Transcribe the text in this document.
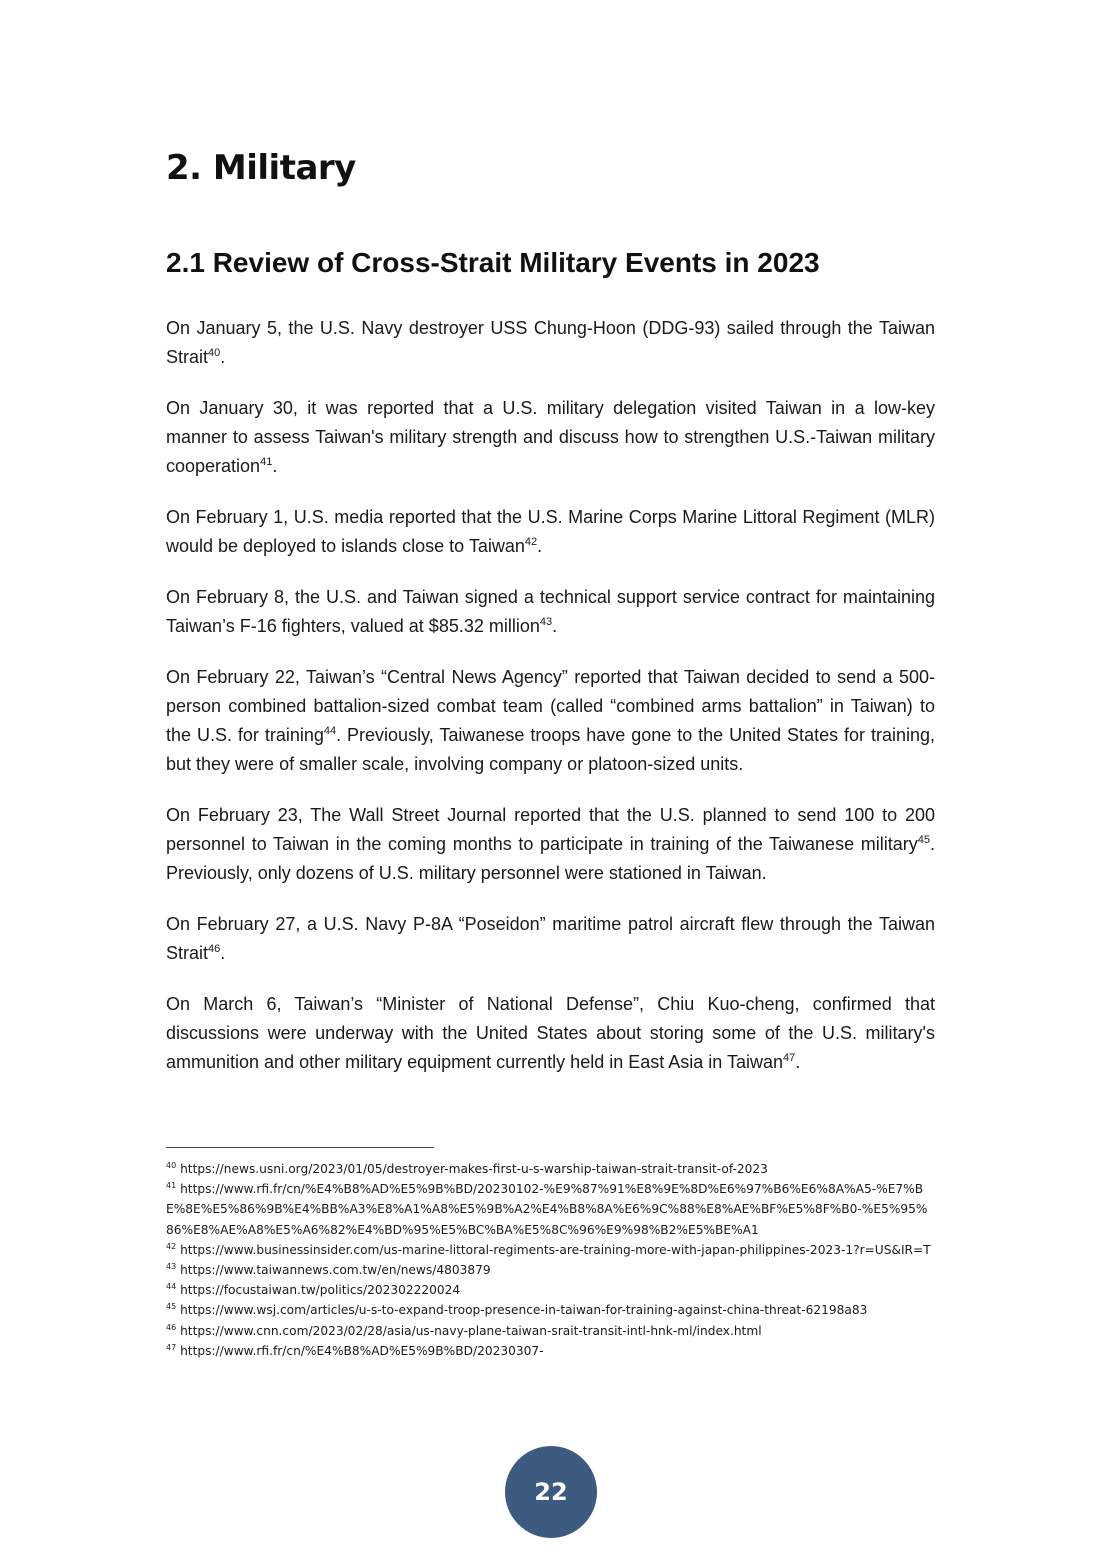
2. Military
2.1 Review of Cross-Strait Military Events in 2023

On January 5, the U.S. Navy destroyer USS Chung-Hoon (DDG-93) sailed through the Taiwan Strait$^{40}$.

On January 30, it was reported that a U.S. military delegation visited Taiwan in a low-key manner to assess Taiwan's military strength and discuss how to strengthen U.S.-Taiwan military cooperation$^{41}$.

On February 1, U.S. media reported that the U.S. Marine Corps Marine Littoral Regiment (MLR) would be deployed to islands close to Taiwan$^{42}$.

On February 8, the U.S. and Taiwan signed a technical support service contract for maintaining Taiwan’s F-16 fighters, valued at $85.32 million$^{43}$.

On February 22, Taiwan’s “Central News Agency” reported that Taiwan decided to send a 500-person combined battalion-sized combat team (called “combined arms battalion” in Taiwan) to the U.S. for training$^{44}$. Previously, Taiwanese troops have gone to the United States for training, but they were of smaller scale, involving company or platoon-sized units.

On February 23, The Wall Street Journal reported that the U.S. planned to send 100 to 200 personnel to Taiwan in the coming months to participate in training of the Taiwanese military$^{45}$. Previously, only dozens of U.S. military personnel were stationed in Taiwan.

On February 27, a U.S. Navy P-8A “Poseidon” maritime patrol aircraft flew through the Taiwan Strait$^{46}$.

On March 6, Taiwan’s “Minister of National Defense”, Chiu Kuo-cheng, confirmed that discussions were underway with the United States about storing some of the U.S. military's ammunition and other military equipment currently held in East Asia in Taiwan$^{47}$.

$^{40}$ https://news.usni.org/2023/01/05/destroyer-makes-first-u-s-warship-taiwan-strait-transit-of-2023

$^{41}$ https://www.rfi.fr/cn/%E4%B8%AD%E5%9B%BD/20230102-%E9%87%91%E8%9E%8D%E6%97%B6%E6%8A%A5-%E7%BE%8E%E5%86%9B%E4%BB%A3%E8%A1%A8%E5%9B%A2%E4%B8%8A%E6%9C%88%E8%AE%BF%E5%8F%B0-%E5%95%86%E8%AE%A8%E5%A6%82%E4%BD%95%E5%BC%BA%E5%8C%96%E9%98%B2%E5%BE%A1

$^{42}$ https://www.businessinsider.com/us-marine-littoral-regiments-are-training-more-with-japan-philippines-2023-1?r=US&IR=T

$^{43}$ https://www.taiwannews.com.tw/en/news/4803879

$^{44}$ https://focustaiwan.tw/politics/202302220024

$^{45}$ https://www.wsj.com/articles/u-s-to-expand-troop-presence-in-taiwan-for-training-against-china-threat-62198a83

$^{46}$ https://www.cnn.com/2023/02/28/asia/us-navy-plane-taiwan-srait-transit-intl-hnk-ml/index.html

$^{47}$ https://www.rfi.fr/cn/%E4%B8%AD%E5%9B%BD/20230307-

22
